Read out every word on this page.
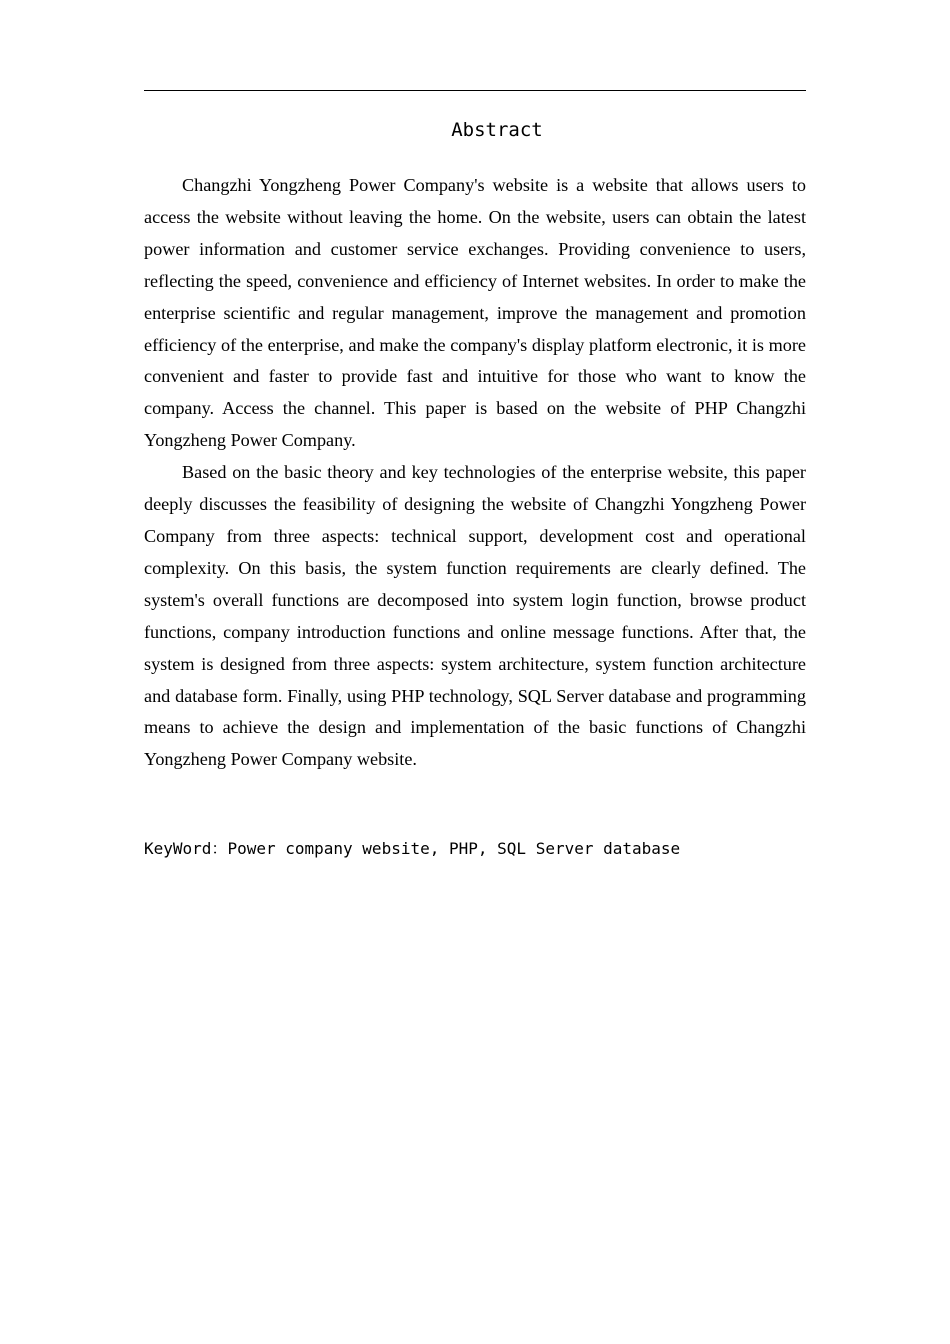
Abstract

Changzhi Yongzheng Power Company's website is a website that allows users to access the website without leaving the home. On the website, users can obtain the latest power information and customer service exchanges. Providing convenience to users, reflecting the speed, convenience and efficiency of Internet websites. In order to make the enterprise scientific and regular management, improve the management and promotion efficiency of the enterprise, and make the company's display platform electronic, it is more convenient and faster to provide fast and intuitive for those who want to know the company. Access the channel. This paper is based on the website of PHP Changzhi Yongzheng Power Company.

Based on the basic theory and key technologies of the enterprise website, this paper deeply discusses the feasibility of designing the website of Changzhi Yongzheng Power Company from three aspects: technical support, development cost and operational complexity. On this basis, the system function requirements are clearly defined. The system's overall functions are decomposed into system login function, browse product functions, company introduction functions and online message functions. After that, the system is designed from three aspects: system architecture, system function architecture and database form. Finally, using PHP technology, SQL Server database and programming means to achieve the design and implementation of the basic functions of Changzhi Yongzheng Power Company website.

KeyWord：Power company website, PHP, SQL Server database
